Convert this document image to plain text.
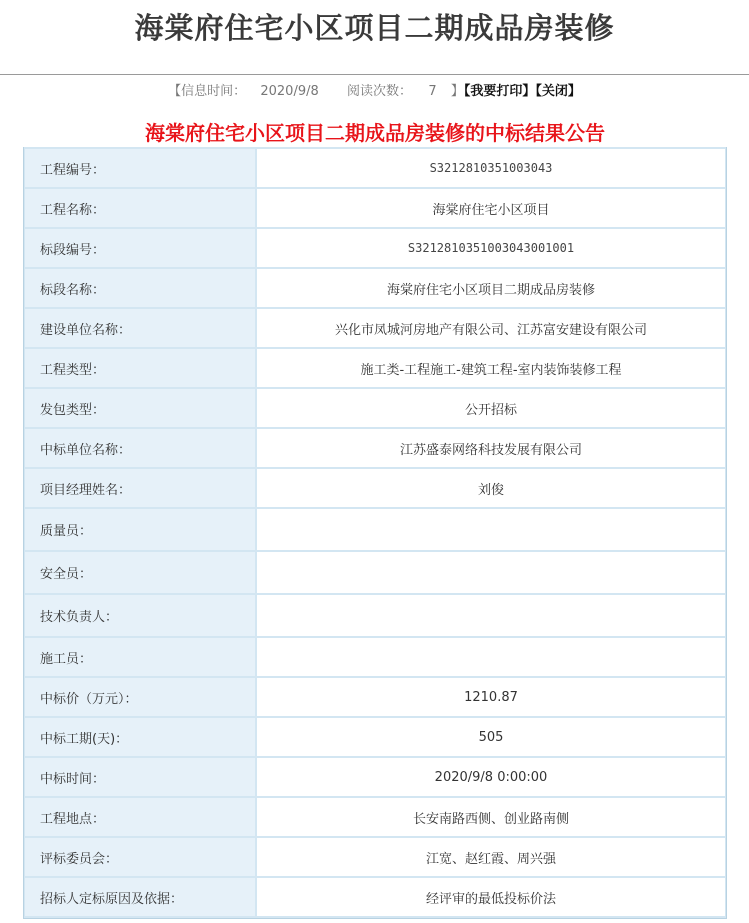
海棠府住宅小区项目二期成品房装修
【信息时间： 2020/9/8 阅读次数： 7 】【我要打印】【关闭】
海棠府住宅小区项目二期成品房装修的中标结果公告
工程编号：	S3212810351003043
工程名称：	海棠府住宅小区项目
标段编号：	S3212810351003043001001
标段名称：	海棠府住宅小区项目二期成品房装修
建设单位名称：	兴化市凤城河房地产有限公司、江苏富安建设有限公司
工程类型：	施工类-工程施工-建筑工程-室内装饰装修工程
发包类型：	公开招标
中标单位名称：	江苏盛泰网络科技发展有限公司
项目经理姓名：	刘俊
质量员：
安全员：
技术负责人：
施工员：
中标价（万元）：	1210.87
中标工期(天)：	505
中标时间：	2020/9/8 0:00:00
工程地点：	长安南路西侧、创业路南侧
评标委员会：	江宽、赵红霞、周兴强
招标人定标原因及依据：	经评审的最低投标价法
